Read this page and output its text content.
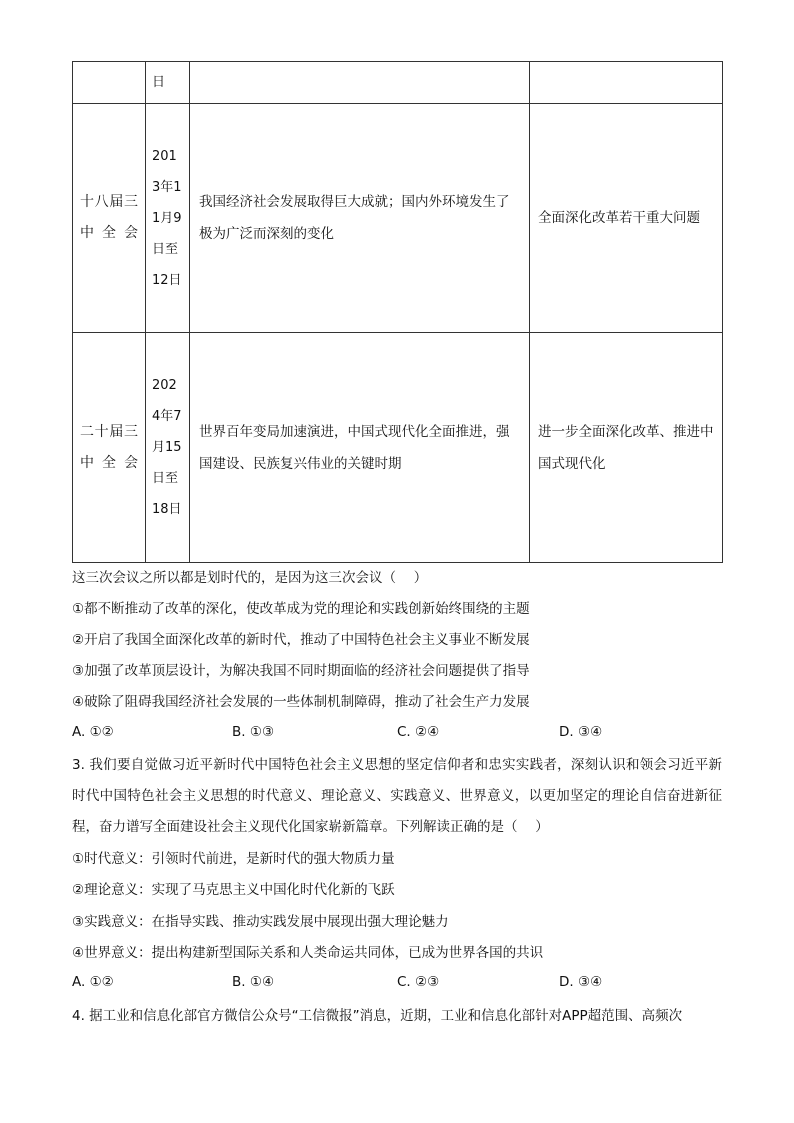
	日		
十八届三中全会	2013年11月9日至12日	我国经济社会发展取得巨大成就；国内外环境发生了极为广泛而深刻的变化	全面深化改革若干重大问题
二十届三中全会	2024年7月15日至18日	世界百年变局加速演进，中国式现代化全面推进，强国建设、民族复兴伟业的关键时期	进一步全面深化改革、推进中国式现代化
这三次会议之所以都是划时代的，是因为这三次会议（　 ）
①都不断推动了改革的深化，使改革成为党的理论和实践创新始终围绕的主题
②开启了我国全面深化改革的新时代，推动了中国特色社会主义事业不断发展
③加强了改革顶层设计，为解决我国不同时期面临的经济社会问题提供了指导
④破除了阻碍我国经济社会发展的一些体制机制障碍，推动了社会生产力发展
A. ①②	B. ①③	C. ②④	D. ③④
3. 我们要自觉做习近平新时代中国特色社会主义思想的坚定信仰者和忠实实践者，深刻认识和领会习近平新时代中国特色社会主义思想的时代意义、理论意义、实践意义、世界意义，以更加坚定的理论自信奋进新征程，奋力谱写全面建设社会主义现代化国家崭新篇章。下列解读正确的是（　 ）
①时代意义：引领时代前进，是新时代的强大物质力量
②理论意义：实现了马克思主义中国化时代化新的飞跃
③实践意义：在指导实践、推动实践发展中展现出强大理论魅力
④世界意义：提出构建新型国际关系和人类命运共同体，已成为世界各国的共识
A. ①②	B. ①④	C. ②③	D. ③④
4. 据工业和信息化部官方微信公众号“工信微报”消息，近期，工业和信息化部针对APP超范围、高频次
